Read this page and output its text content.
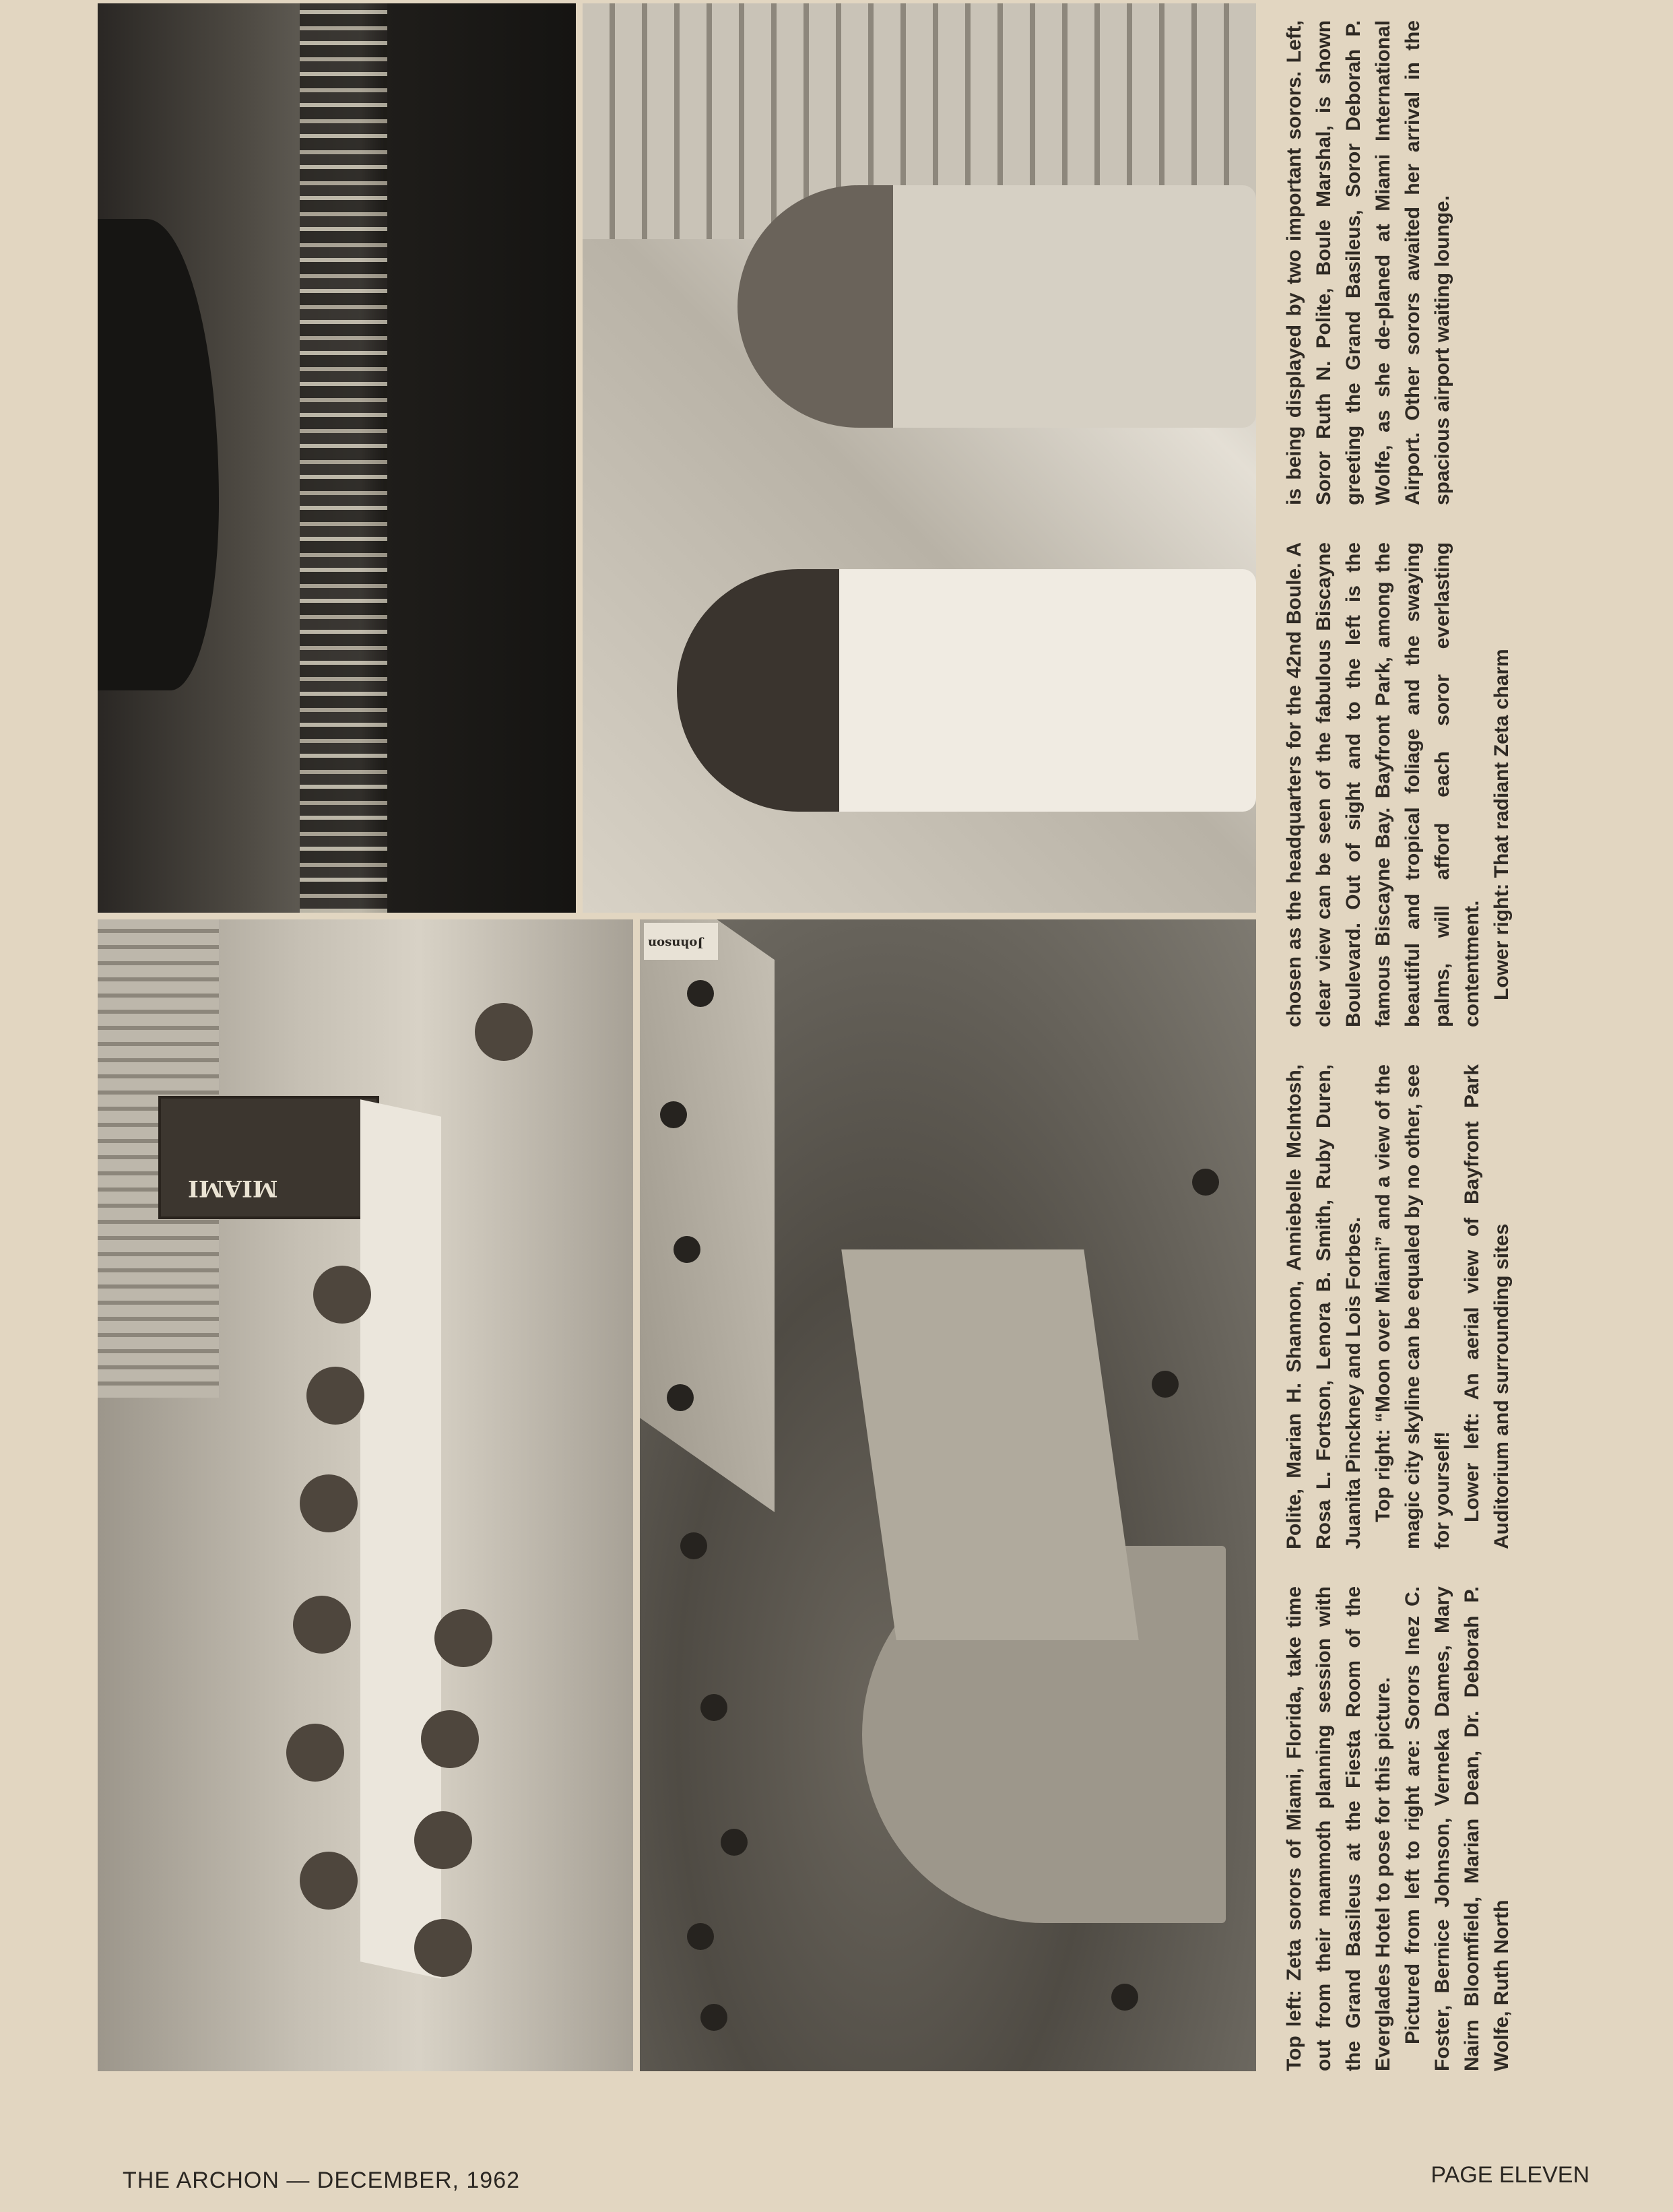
MIAMI
Johnson

Top left: Zeta sorors of Miami, Florida, take time out from their mammoth planning session with the Grand Basileus at the Fiesta Room of the Everglades Hotel to pose for this picture. Pictured from left to right are: Sorors Inez C. Foster, Bernice Johnson, Verneka Dames, Mary Nairn Bloomfield, Marian Dean, Dr. Deborah P. Wolfe, Ruth North

Polite, Marian H. Shannon, Anniebelle McIntosh, Rosa L. Fortson, Lenora B. Smith, Ruby Duren, Juanita Pinckney and Lois Forbes. Top right: “Moon over Miami” and a view of the magic city skyline can be equaled by no other, see for yourself! Lower left: An aerial view of Bayfront Park Auditorium and surrounding sites

chosen as the headquarters for the 42nd Boule. A clear view can be seen of the fabulous Biscayne Boulevard. Out of sight and to the left is the famous Biscayne Bay. Bayfront Park, among the beautiful and tropical foliage and the swaying palms, will afford each soror everlasting contentment. Lower right: That radiant Zeta charm

is being displayed by two important sorors. Left, Soror Ruth N. Polite, Boule Marshal, is shown greeting the Grand Basileus, Soror Deborah P. Wolfe, as she de-planed at Miami International Airport. Other sorors awaited her arrival in the spacious airport waiting lounge.

THE ARCHON — DECEMBER, 1962	PAGE ELEVEN
